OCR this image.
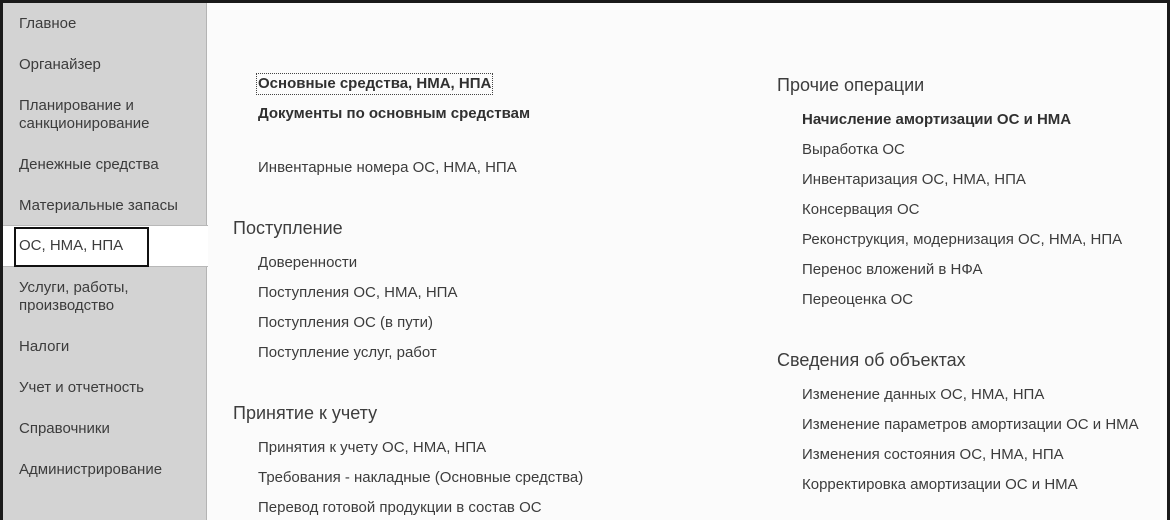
Главное
Органайзер
Планирование и санкционирование
Денежные средства
Материальные запасы
ОС, НМА, НПА
Услуги, работы, производство
Налоги
Учет и отчетность
Справочники
Администрирование
Основные средства, НМА, НПА
Документы по основным средствам
Инвентарные номера ОС, НМА, НПА
Поступление
Доверенности
Поступления ОС, НМА, НПА
Поступления ОС (в пути)
Поступление услуг, работ
Принятие к учету
Принятия к учету ОС, НМА, НПА
Требования - накладные (Основные средства)
Перевод готовой продукции в состав ОС
Прочие операции
Начисление амортизации ОС и НМА
Выработка ОС
Инвентаризация ОС, НМА, НПА
Консервация ОС
Реконструкция, модернизация ОС, НМА, НПА
Перенос вложений в НФА
Переоценка ОС
Сведения об объектах
Изменение данных ОС, НМА, НПА
Изменение параметров амортизации ОС и НМА
Изменения состояния ОС, НМА, НПА
Корректировка амортизации ОС и НМА
